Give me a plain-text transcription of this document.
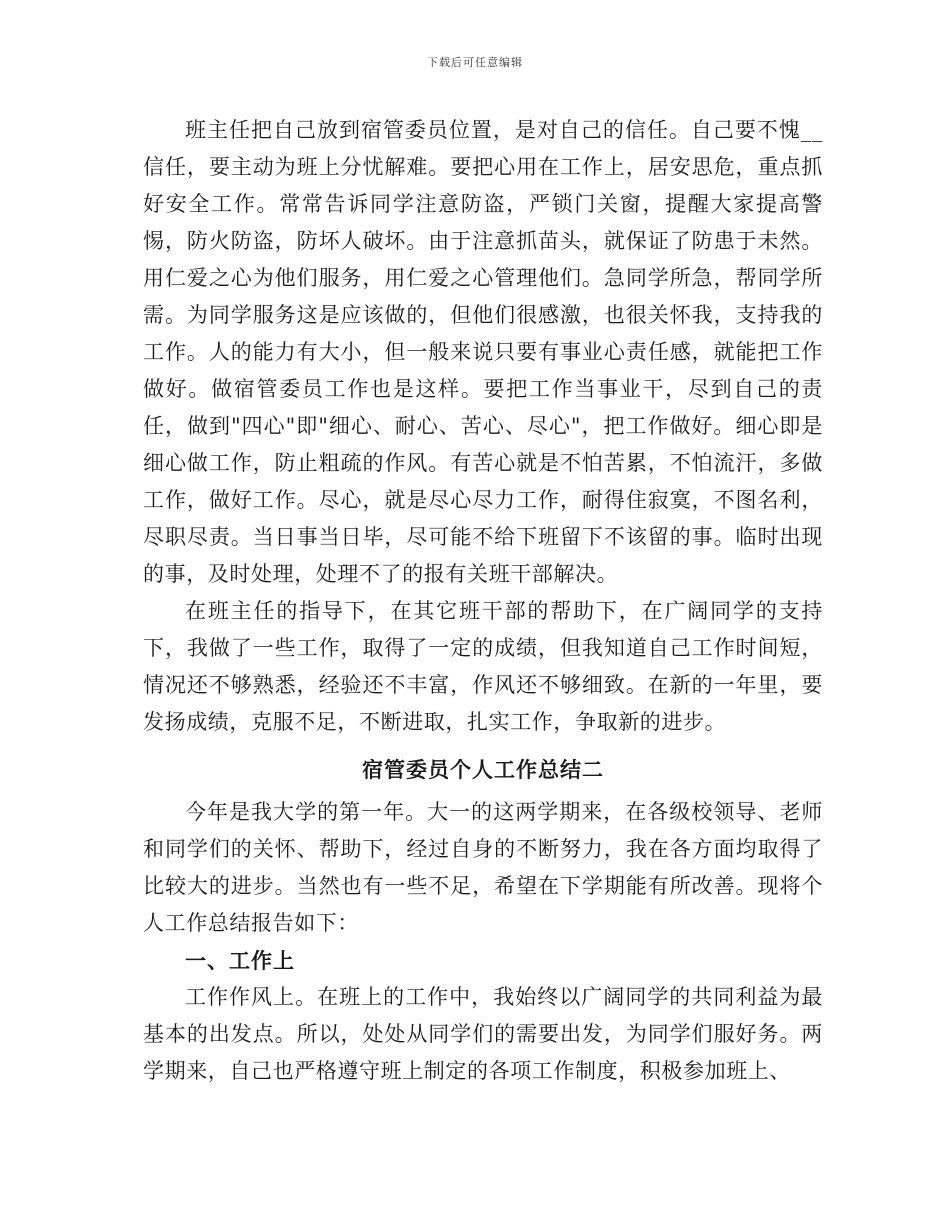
下载后可任意编辑

班主任把自己放到宿管委员位置，是对自己的信任。自己要不愧__信任，要主动为班上分忧解难。要把心用在工作上，居安思危，重点抓好安全工作。常常告诉同学注意防盗，严锁门关窗，提醒大家提高警惕，防火防盗，防坏人破坏。由于注意抓苗头，就保证了防患于未然。用仁爱之心为他们服务，用仁爱之心管理他们。急同学所急，帮同学所需。为同学服务这是应该做的，但他们很感激，也很关怀我，支持我的工作。人的能力有大小，但一般来说只要有事业心责任感，就能把工作做好。做宿管委员工作也是这样。要把工作当事业干，尽到自己的责任，做到"四心"即"细心、耐心、苦心、尽心"，把工作做好。细心即是细心做工作，防止粗疏的作风。有苦心就是不怕苦累，不怕流汗，多做工作，做好工作。尽心，就是尽心尽力工作，耐得住寂寞，不图名利，尽职尽责。当日事当日毕，尽可能不给下班留下不该留的事。临时出现的事，及时处理，处理不了的报有关班干部解决。

在班主任的指导下，在其它班干部的帮助下，在广阔同学的支持下，我做了一些工作，取得了一定的成绩，但我知道自己工作时间短，情况还不够熟悉，经验还不丰富，作风还不够细致。在新的一年里，要发扬成绩，克服不足，不断进取，扎实工作，争取新的进步。

宿管委员个人工作总结二

今年是我大学的第一年。大一的这两学期来，在各级校领导、老师和同学们的关怀、帮助下，经过自身的不断努力，我在各方面均取得了比较大的进步。当然也有一些不足，希望在下学期能有所改善。现将个人工作总结报告如下：

一、工作上

工作作风上。在班上的工作中，我始终以广阔同学的共同利益为最基本的出发点。所以，处处从同学们的需要出发，为同学们服好务。两学期来，自己也严格遵守班上制定的各项工作制度，积极参加班上、
